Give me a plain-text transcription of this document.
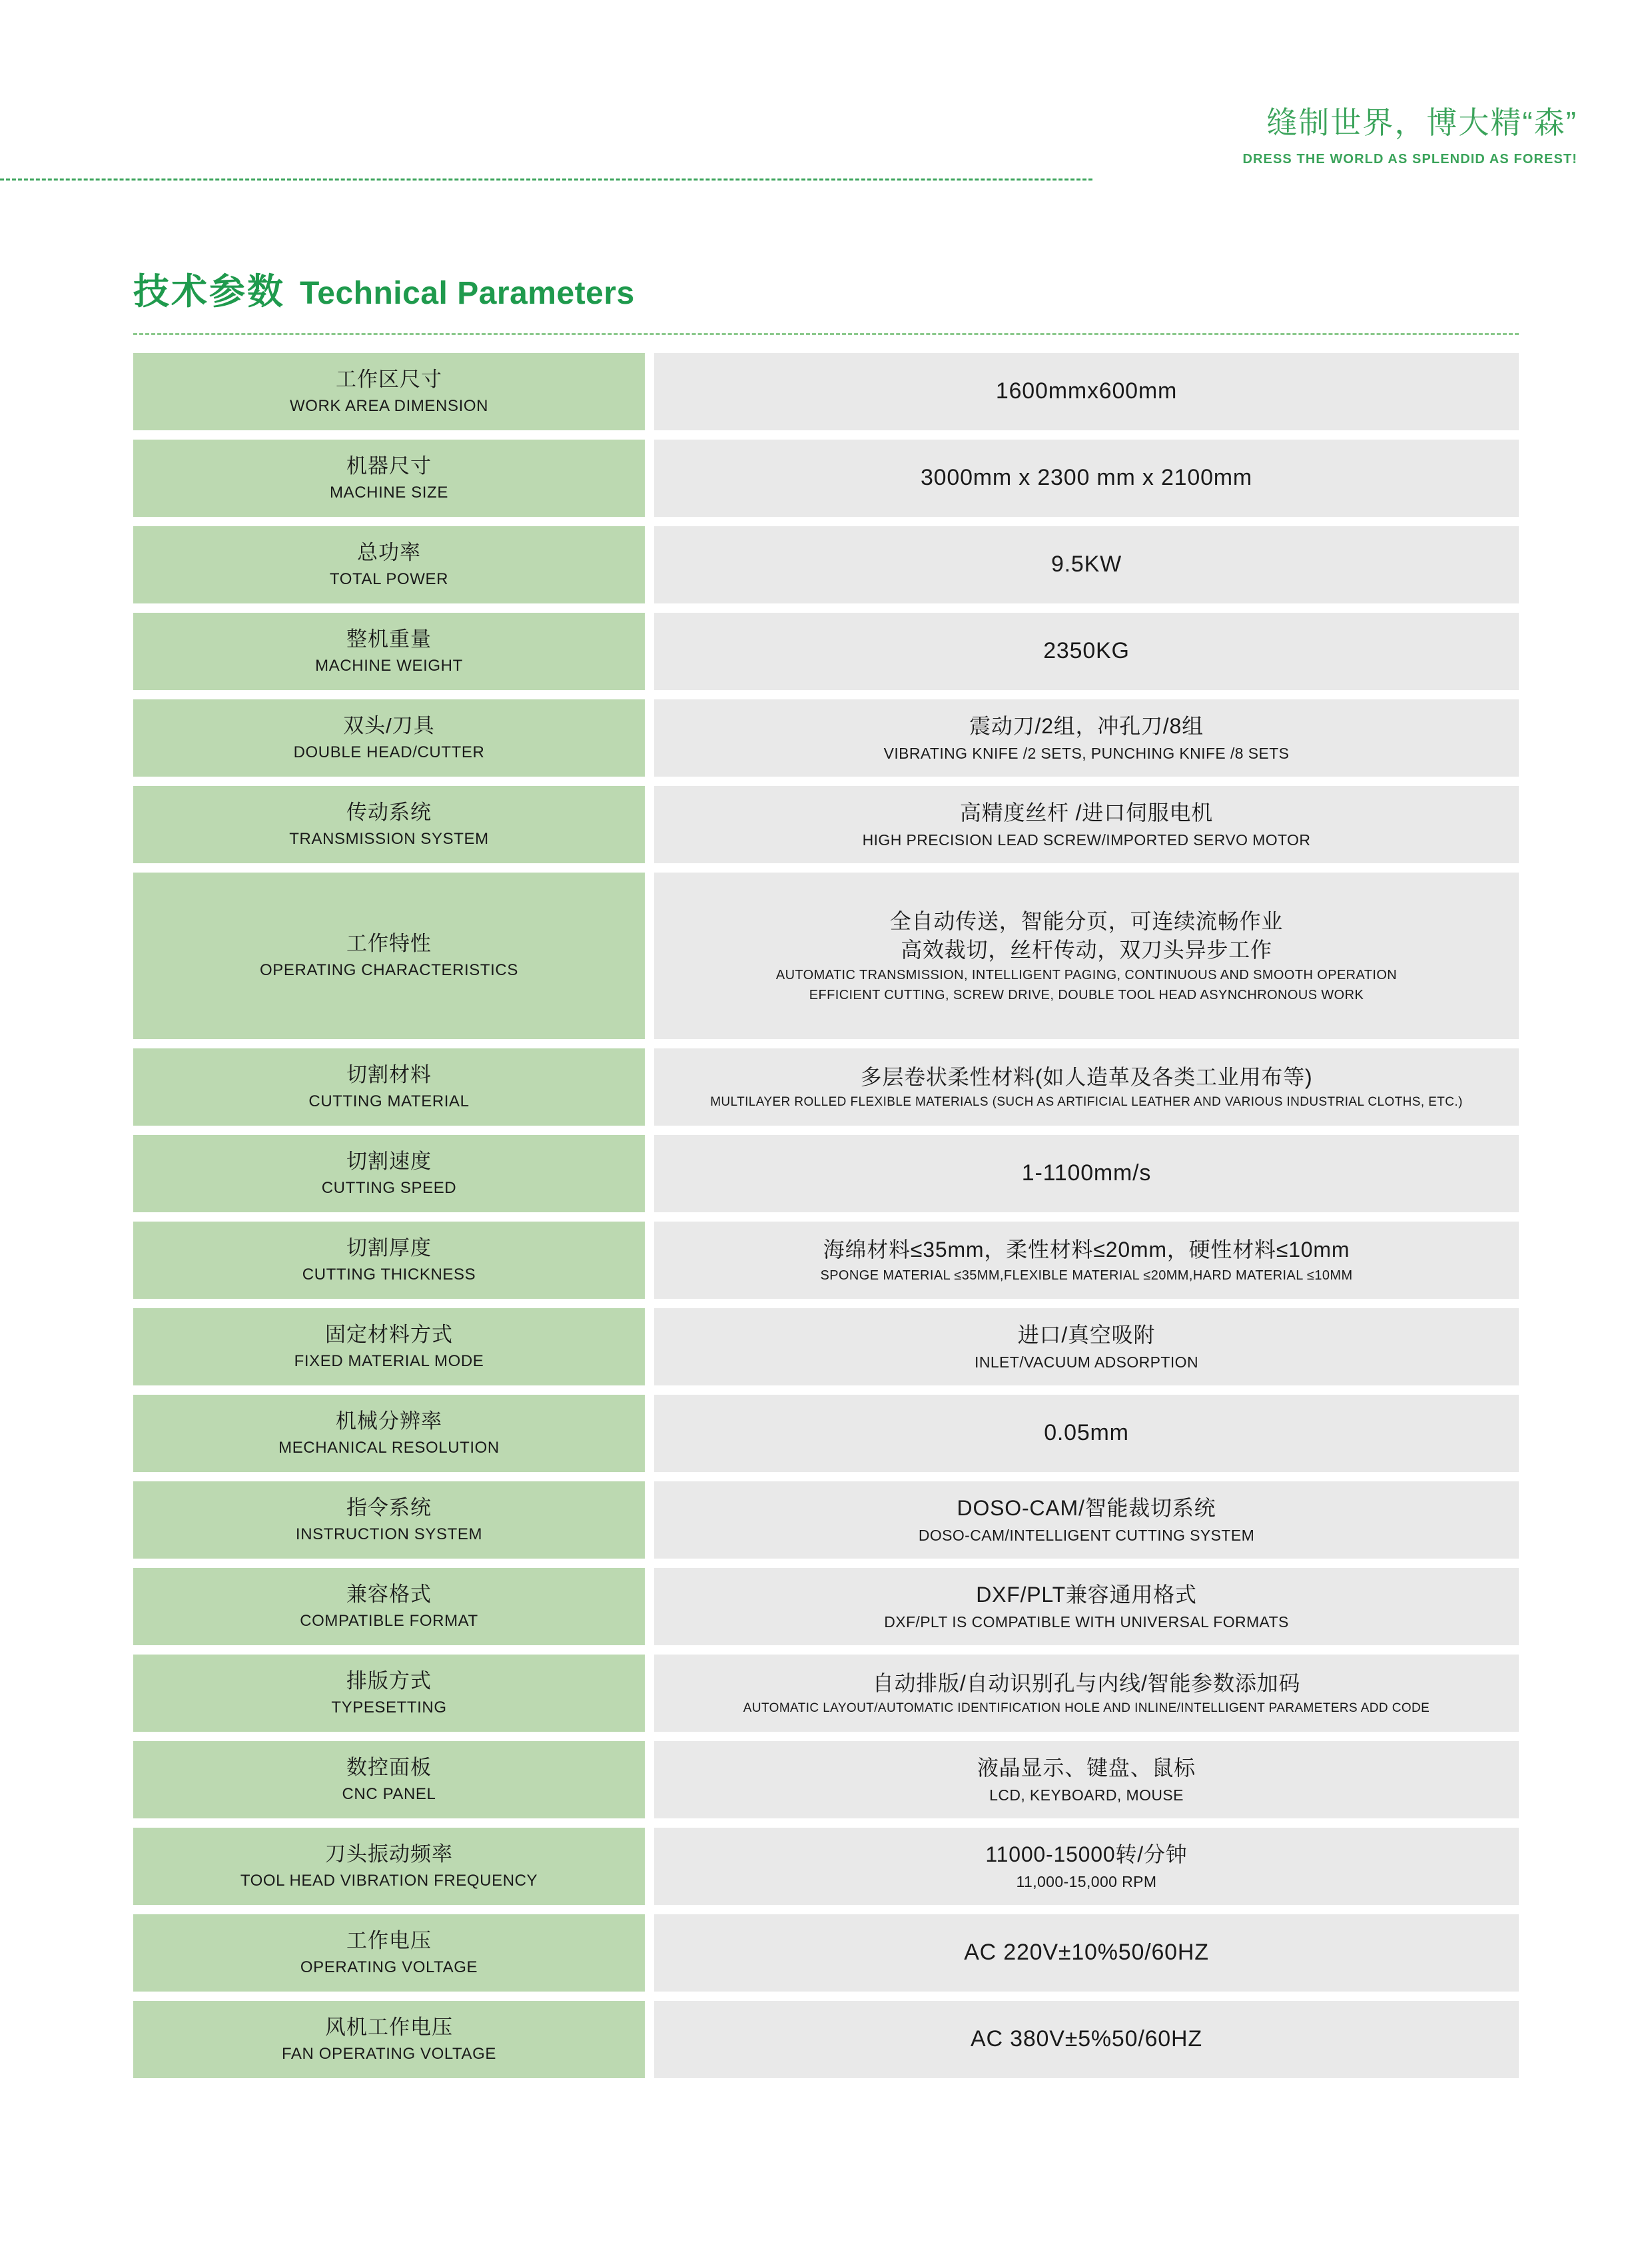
缝制世界，博大精“森”
DRESS THE WORLD AS SPLENDID AS FOREST!
技术参数 Technical Parameters
工作区尺寸
WORK AREA DIMENSION
1600mmx600mm
机器尺寸
MACHINE SIZE
3000mm x 2300 mm x 2100mm
总功率
TOTAL POWER
9.5KW
整机重量
MACHINE WEIGHT
2350KG
双头/刀具
DOUBLE HEAD/CUTTER
震动刀/2组，冲孔刀/8组
VIBRATING KNIFE /2 SETS, PUNCHING KNIFE /8 SETS
传动系统
TRANSMISSION SYSTEM
高精度丝杆 /进口伺服电机
HIGH PRECISION LEAD SCREW/IMPORTED SERVO MOTOR
工作特性
OPERATING CHARACTERISTICS
全自动传送，智能分页，可连续流畅作业
高效裁切，丝杆传动，双刀头异步工作
AUTOMATIC TRANSMISSION, INTELLIGENT PAGING, CONTINUOUS AND SMOOTH OPERATION
EFFICIENT CUTTING, SCREW DRIVE, DOUBLE TOOL HEAD ASYNCHRONOUS WORK
切割材料
CUTTING MATERIAL
多层卷状柔性材料(如人造革及各类工业用布等)
MULTILAYER ROLLED FLEXIBLE MATERIALS (SUCH AS ARTIFICIAL LEATHER AND VARIOUS INDUSTRIAL CLOTHS, ETC.)
切割速度
CUTTING SPEED
1-1100mm/s
切割厚度
CUTTING THICKNESS
海绵材料≤35mm，柔性材料≤20mm，硬性材料≤10mm
SPONGE MATERIAL ≤35MM,FLEXIBLE MATERIAL ≤20MM,HARD MATERIAL ≤10MM
固定材料方式
FIXED MATERIAL MODE
进口/真空吸附
INLET/VACUUM ADSORPTION
机械分辨率
MECHANICAL RESOLUTION
0.05mm
指令系统
INSTRUCTION SYSTEM
DOSO-CAM/智能裁切系统
DOSO-CAM/INTELLIGENT CUTTING SYSTEM
兼容格式
COMPATIBLE FORMAT
DXF/PLT兼容通用格式
DXF/PLT IS COMPATIBLE WITH UNIVERSAL FORMATS
排版方式
TYPESETTING
自动排版/自动识别孔与内线/智能参数添加码
AUTOMATIC LAYOUT/AUTOMATIC IDENTIFICATION HOLE AND INLINE/INTELLIGENT PARAMETERS ADD CODE
数控面板
CNC PANEL
液晶显示、键盘、鼠标
LCD, KEYBOARD, MOUSE
刀头振动频率
TOOL HEAD VIBRATION FREQUENCY
11000-15000转/分钟
11,000-15,000 RPM
工作电压
OPERATING VOLTAGE
AC 220V±10%50/60HZ
风机工作电压
FAN OPERATING VOLTAGE
AC 380V±5%50/60HZ
